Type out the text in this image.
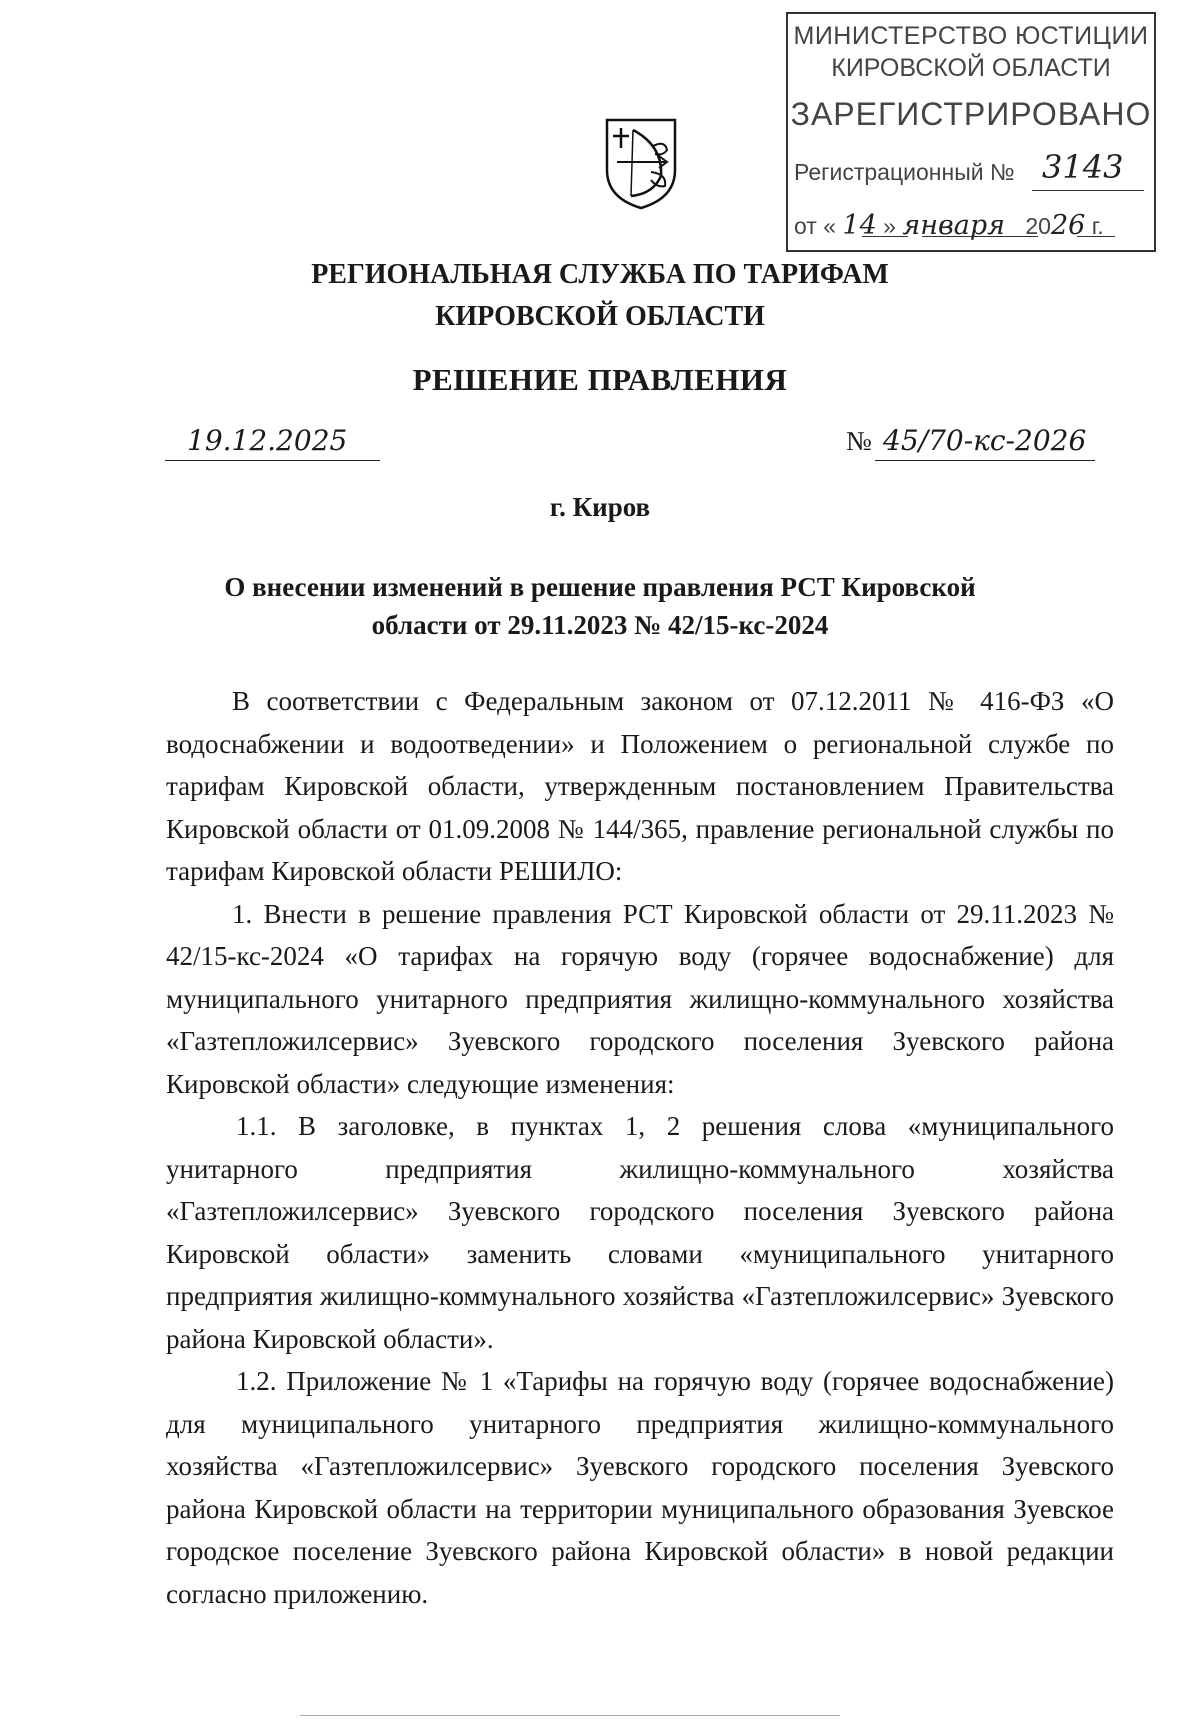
МИНИСТЕРСТВО ЮСТИЦИИ
КИРОВСКОЙ ОБЛАСТИ
ЗАРЕГИСТРИРОВАНО
Регистрационный № 3143
от « 14 » января 2026 г.
РЕГИОНАЛЬНАЯ СЛУЖБА ПО ТАРИФАМ
КИРОВСКОЙ ОБЛАСТИ
РЕШЕНИЕ ПРАВЛЕНИЯ
19.12.2025	№ 45/70-кс-2026
г. Киров
О внесении изменений в решение правления РСТ Кировской
области от 29.11.2023 № 42/15-кс-2024

В соответствии с Федеральным законом от 07.12.2011 № 416-ФЗ «О водоснабжении и водоотведении» и Положением о региональной службе по тарифам Кировской области, утвержденным постановлением Правительства Кировской области от 01.09.2008 № 144/365, правление региональной службы по тарифам Кировской области РЕШИЛО:

1. Внести в решение правления РСТ Кировской области от 29.11.2023 № 42/15-кс-2024 «О тарифах на горячую воду (горячее водоснабжение) для муниципального унитарного предприятия жилищно-коммунального хозяйства «Газтепложилсервис» Зуевского городского поселения Зуевского района Кировской области» следующие изменения:

1.1. В заголовке, в пунктах 1, 2 решения слова «муниципального унитарного предприятия жилищно-коммунального хозяйства «Газтепложилсервис» Зуевского городского поселения Зуевского района Кировской области» заменить словами «муниципального унитарного предприятия жилищно-коммунального хозяйства «Газтепложилсервис» Зуевского района Кировской области».

1.2. Приложение № 1 «Тарифы на горячую воду (горячее водоснабжение) для муниципального унитарного предприятия жилищно-коммунального хозяйства «Газтепложилсервис» Зуевского городского поселения Зуевского района Кировской области на территории муниципального образования Зуевское городское поселение Зуевского района Кировской области» в новой редакции согласно приложению.
